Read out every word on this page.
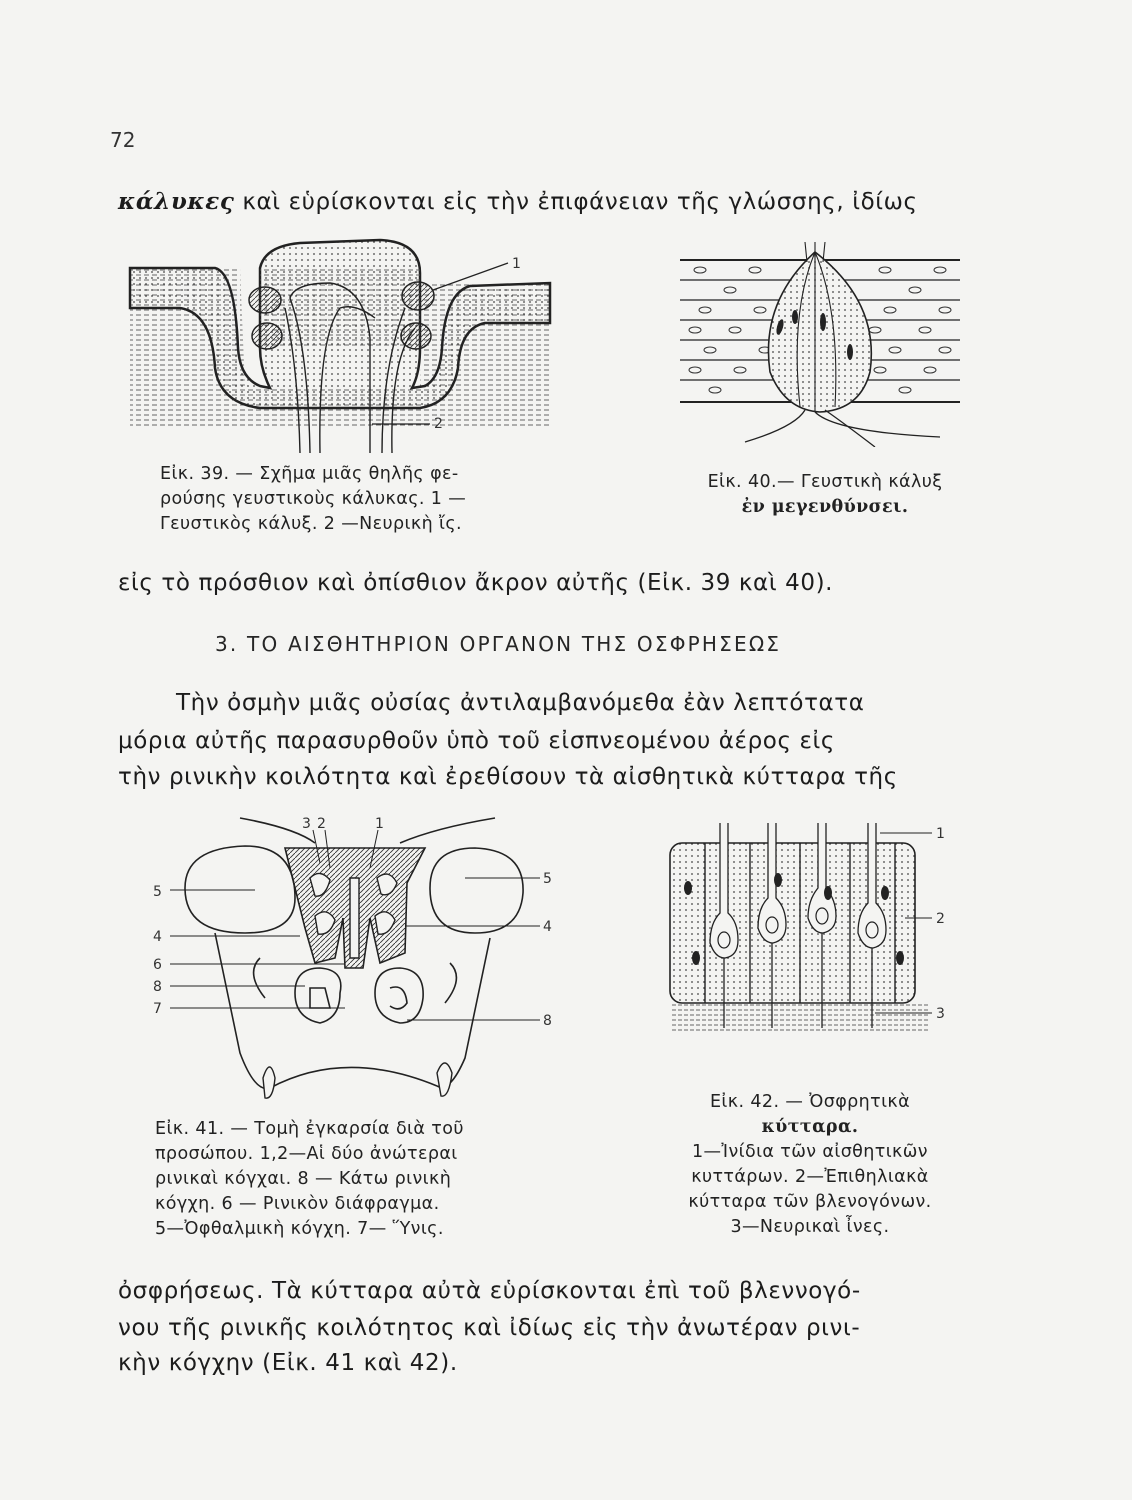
72
κάλυκες καὶ εὑρίσκονται εἰς τὴν ἐπιφάνειαν τῆς γλώσσης, ἰδίως
1
2
Εἰκ. 39. — Σχῆμα μιᾶς θηλῆς φε-
ρούσης γευστικοὺς κάλυκας. 1 —
Γευστικὸς κάλυξ. 2 —Νευρικὴ ἴς.
Εἰκ. 40.— Γευστικὴ κάλυξ
ἐν μεγενθύνσει.
εἰς τὸ πρόσθιον καὶ ὀπίσθιον ἄκρον αὐτῆς (Εἰκ. 39 καὶ 40).
3. ΤΟ ΑΙΣΘΗΤΗΡΙΟΝ ΟΡΓΑΝΟΝ ΤΗΣ ΟΣΦΡΗΣΕΩΣ
Τὴν ὀσμὴν μιᾶς οὐσίας ἀντιλαμβανόμεθα ἐὰν λεπτότατα
μόρια αὐτῆς παρασυρθοῦν ὑπὸ τοῦ εἰσπνεομένου ἀέρος εἰς
τὴν ρινικὴν κοιλότητα καὶ ἐρεθίσουν τὰ αἰσθητικὰ κύτταρα τῆς
3 2	1
5
5
4
4
6
8
8
7
1
2
3
Εἰκ. 41. — Τομὴ ἐγκαρσία διὰ τοῦ
προσώπου. 1,2—Αἱ δύο ἀνώτεραι
ρινικαὶ κόγχαι. 8 — Κάτω ρινικὴ
κόγχη. 6 — Ρινικὸν διάφραγμα.
5—Ὀφθαλμικὴ κόγχη. 7— Ὕνις.
Εἰκ. 42. — Ὀσφρητικὰ
κύτταρα.
1—Ἰνίδια τῶν αἰσθητικῶν
κυττάρων. 2—Ἐπιθηλιακὰ
κύτταρα τῶν βλενογόνων.
3—Νευρικαὶ ἶνες.
ὀσφρήσεως. Τὰ κύτταρα αὐτὰ εὑρίσκονται ἐπὶ τοῦ βλεννογό-
νου τῆς ρινικῆς κοιλότητος καὶ ἰδίως εἰς τὴν ἀνωτέραν ρινι-
κὴν κόγχην (Εἰκ. 41 καὶ 42).
